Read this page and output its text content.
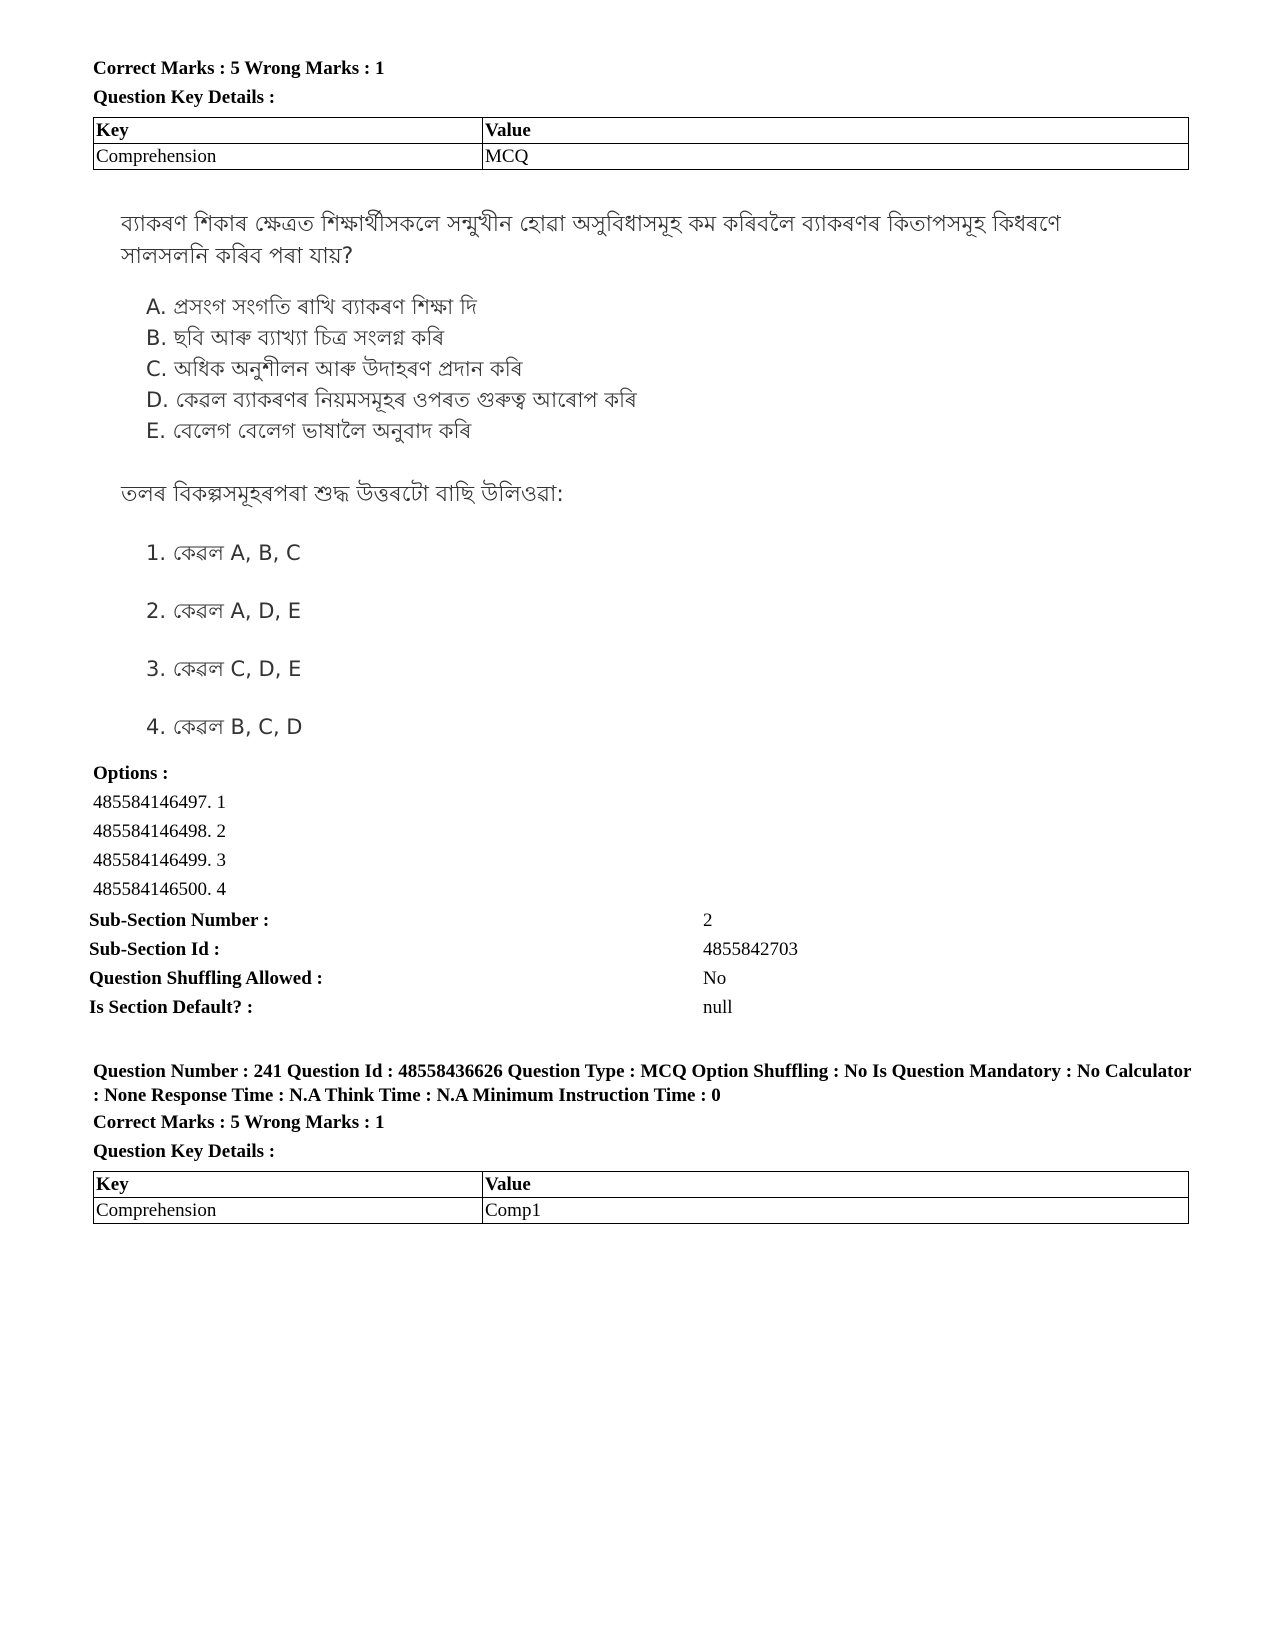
Correct Marks : 5 Wrong Marks : 1
Question Key Details :
Key	Value
Comprehension	MCQ
ব্যাকৰণ শিকাৰ ক্ষেত্ৰত শিক্ষাৰ্থীসকলে সন্মুখীন হোৱা অসুবিধাসমূহ কম কৰিবলৈ ব্যাকৰণৰ কিতাপসমূহ কিধৰণে সালসলনি কৰিব পৰা যায়?
A. প্ৰসংগ সংগতি ৰাখি ব্যাকৰণ শিক্ষা দি
B. ছবি আৰু ব্যাখ্যা চিত্ৰ সংলগ্ন কৰি
C. অধিক অনুশীলন আৰু উদাহৰণ প্ৰদান কৰি
D. কেৱল ব্যাকৰণৰ নিয়মসমূহৰ ওপৰত গুৰুত্ব আৰোপ কৰি
E. বেলেগ বেলেগ ভাষালৈ অনুবাদ কৰি
তলৰ বিকল্পসমূহৰপৰা শুদ্ধ উত্তৰটো বাছি উলিওৱা:
1. কেৱল A, B, C
2. কেৱল A, D, E
3. কেৱল C, D, E
4. কেৱল B, C, D
Options :
485584146497. 1
485584146498. 2
485584146499. 3
485584146500. 4
Sub-Section Number :	2
Sub-Section Id :	4855842703
Question Shuffling Allowed :	No
Is Section Default? :	null
Question Number : 241 Question Id : 48558436626 Question Type : MCQ Option Shuffling : No Is Question Mandatory : No Calculator : None Response Time : N.A Think Time : N.A Minimum Instruction Time : 0
Correct Marks : 5 Wrong Marks : 1
Question Key Details :
Key	Value
Comprehension	Comp1
